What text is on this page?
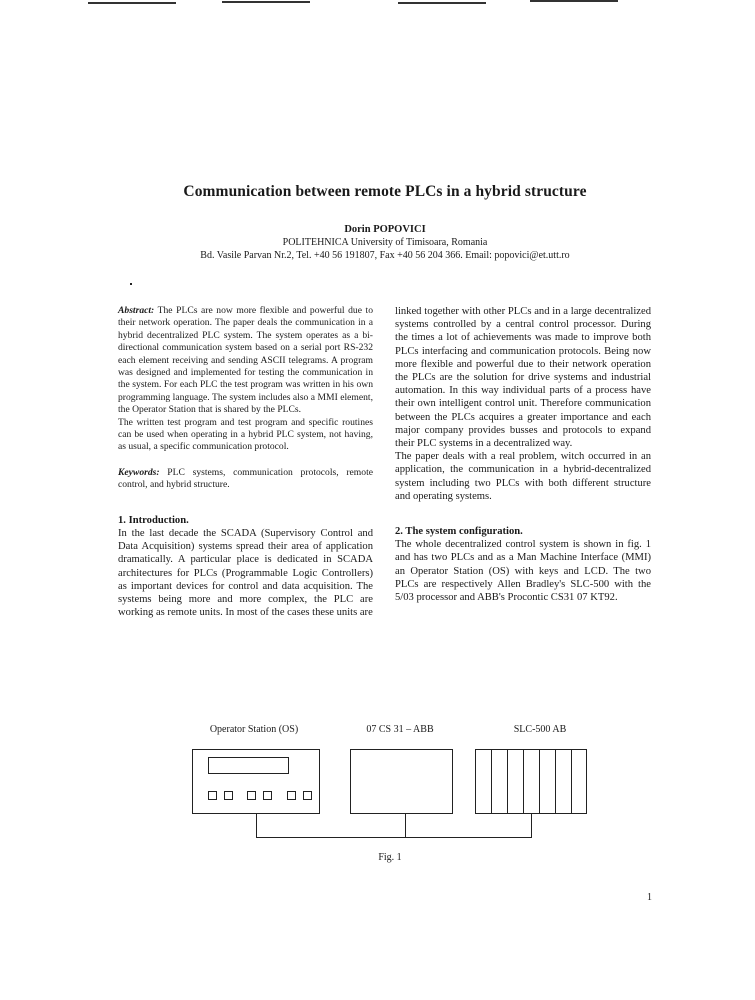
Communication between remote PLCs in a hybrid structure
Dorin POPOVICI
POLITEHNICA University of Timisoara, Romania
Bd. Vasile Parvan Nr.2, Tel. +40 56 191807, Fax +40 56 204 366. Email: popovici@et.utt.ro

Abstract: The PLCs are now more flexible and powerful due to their network operation. The paper deals the communication in a hybrid decentralized PLC system. The system operates as a bi-directional communication system based on a serial port RS-232 each element receiving and sending ASCII telegrams. A program was designed and implemented for testing the communication in the system. For each PLC the test program was written in his own programming language. The system includes also a MMI element, the Operator Station that is shared by the PLCs.

The written test program and test program and specific routines can be used when operating in a hybrid PLC system, not having, as usual, a specific communication protocol.

Keywords: PLC systems, communication protocols, remote control, and hybrid structure.

1. Introduction.

In the last decade the SCADA (Supervisory Control and Data Acquisition) systems spread their area of application dramatically. A particular place is dedicated in SCADA architectures for PLCs (Programmable Logic Controllers) as important devices for control and data acquisition. The systems being more and more complex, the PLC are working as remote units. In most of the cases these units are

linked together with other PLCs and in a large decentralized systems controlled by a central control processor. During the times a lot of achievements was made to improve both PLCs interfacing and communication protocols. Being now more flexible and powerful due to their network operation the PLCs are the solution for drive systems and industrial automation. In this way individual parts of a process have their own intelligent control unit. Therefore communication between the PLCs acquires a greater importance and each major company provides busses and protocols to expand their PLC systems in a decentralized way.

The paper deals with a real problem, witch occurred in an application, the communication in a hybrid-decentralized system including two PLCs with both different structure and operating systems.

2. The system configuration.

The whole decentralized control system is shown in fig. 1 and has two PLCs and as a Man Machine Interface (MMI) an Operator Station (OS) with keys and LCD. The two PLCs are respectively Allen Bradley's SLC-500 with the 5/03 processor and ABB's Procontic CS31 07 KT92.

Operator Station (OS)	07 CS 31 – ABB	SLC-500 AB
Fig. 1
1
